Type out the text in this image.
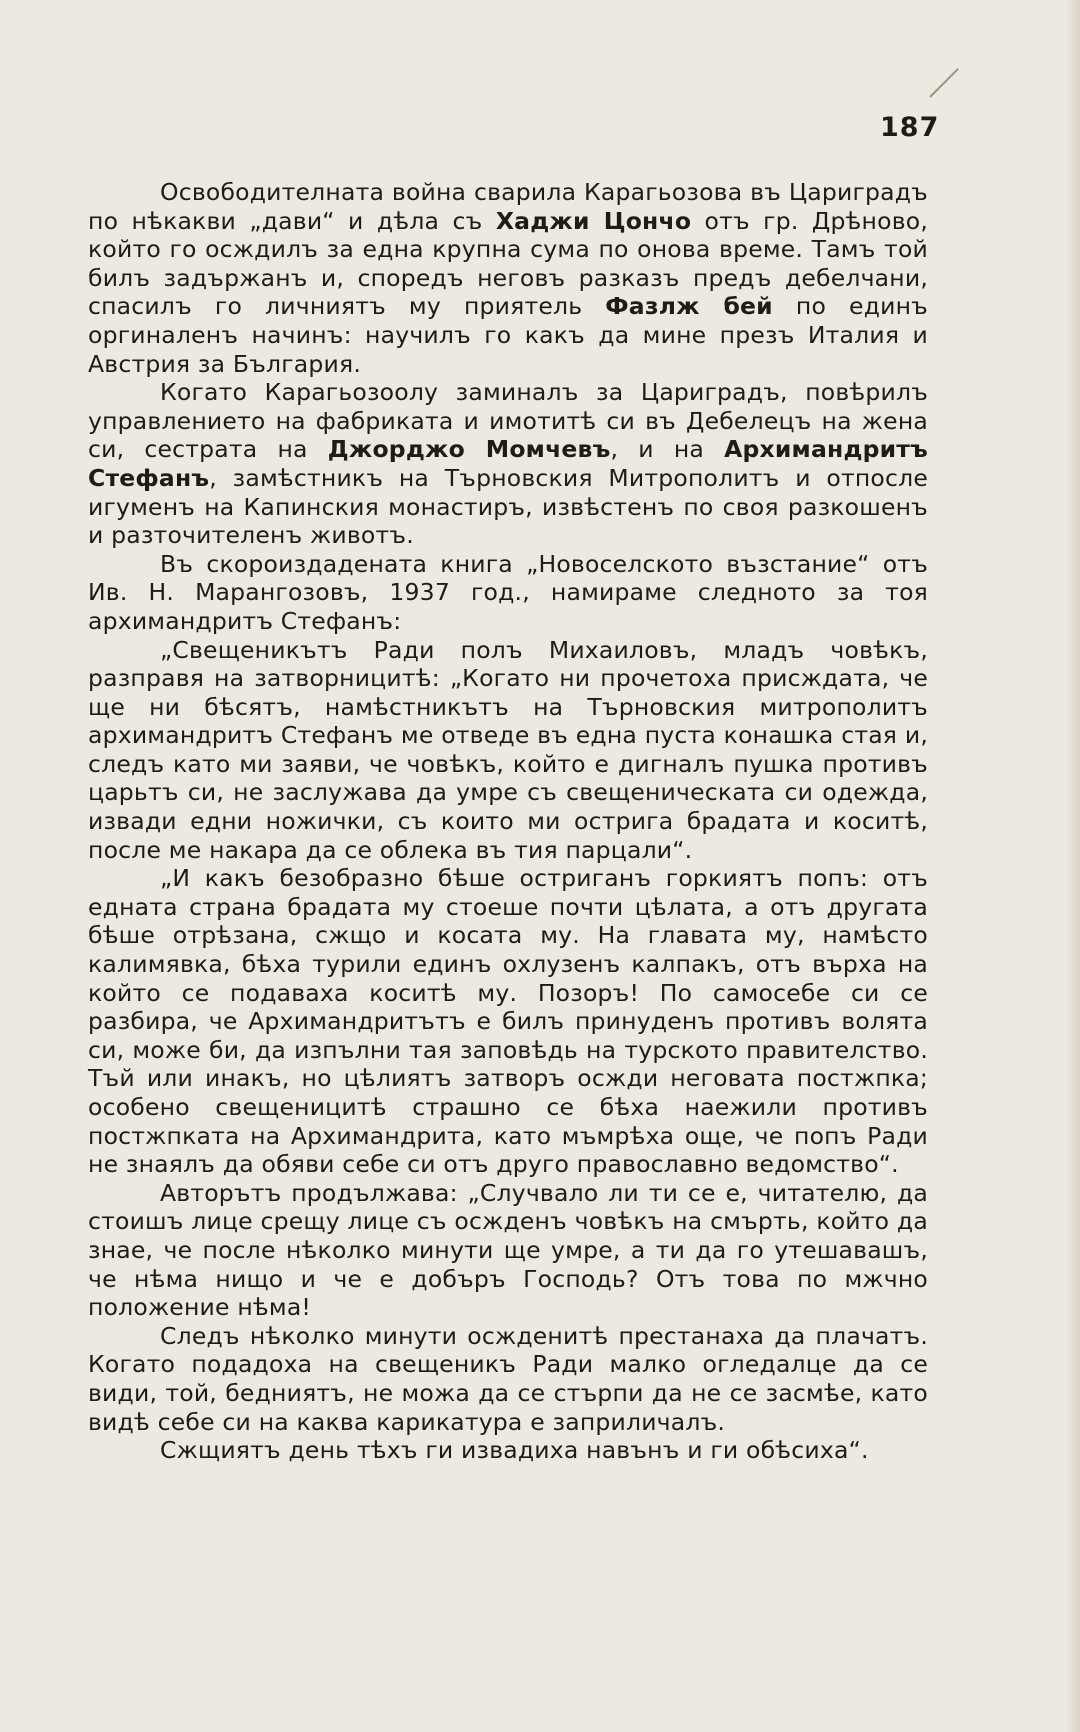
187

Освободителната война сварила Карагьозова въ Цариградъ по нѣкакви „дави“ и дѣла съ Хаджи Цончо отъ гр. Дрѣново, който го осждилъ за една крупна сума по онова време. Тамъ той билъ задържанъ и, споредъ неговъ разказъ предъ дебелчани, спасилъ го личниятъ му приятель Фазлж бей по единъ оргиналенъ начинъ: научилъ го какъ да мине презъ Италия и Австрия за България.

Когато Карагьозоолу заминалъ за Цариградъ, повѣрилъ управлението на фабриката и имотитѣ си въ Дебелецъ на жена си, сестрата на Джорджо Момчевъ, и на Архимандритъ Стефанъ, замѣстникъ на Търновския Митрополитъ и отпосле игуменъ на Капинския монастиръ, извѣстенъ по своя разкошенъ и разточителенъ животъ.

Въ скороиздадената книга „Новоселското възстание“ отъ Ив. Н. Марангозовъ, 1937 год., намираме следното за тоя архимандритъ Стефанъ:

„Свещеникътъ Ради полъ Михаиловъ, младъ човѣкъ, разправя на затворницитѣ: „Когато ни прочетоха присждата, че ще ни бѣсятъ, намѣстникътъ на Търновския митрополитъ архимандритъ Стефанъ ме отведе въ една пуста конашка стая и, следъ като ми заяви, че човѣкъ, който е дигналъ пушка противъ царьтъ си, не заслужава да умре съ свещеническата си одежда, извади едни ножички, съ които ми остригa брадата и коситѣ, после ме накара да се облека въ тия парцали“.

„И какъ безобразно бѣше остриганъ горкиятъ попъ: отъ едната страна брадата му стоеше почти цѣлата, а отъ другата бѣше отрѣзана, сжщо и косата му. На главата му, намѣсто калимявка, бѣха турили единъ охлузенъ калпакъ, отъ върха на който се подаваха коситѣ му. Позоръ! По самосебе си се разбира, че Архимандритътъ е билъ принуденъ противъ волята си, може би, да изпълни тая заповѣдь на турското правителство. Тъй или инакъ, но цѣлиятъ затворъ осжди неговата постжпка; особено свещеницитѣ страшно се бѣха наежили противъ постжпката на Архимандрита, като мъмрѣха още, че попъ Ради не знаялъ да обяви себе си отъ друго православно ведомство“.

Авторътъ продължава: „Случвало ли ти се е, читателю, да стоишъ лице срещу лице съ осжденъ човѣкъ на смърть, който да знае, че после нѣколко минути ще умре, а ти да го утешавашъ, че нѣма нищо и че е добъръ Господь? Отъ това по мжчно положение нѣма!

Следъ нѣколко минути осжденитѣ престанаха да плачатъ. Когато подадоха на свещеникъ Ради малко огледалце да се види, той, бедниятъ, не можа да се стърпи да не се засмѣе, като видѣ себе си на каква карикатура е заприличалъ.

Сжщиятъ день тѣхъ ги извадиха навънъ и ги обѣсиха“.
